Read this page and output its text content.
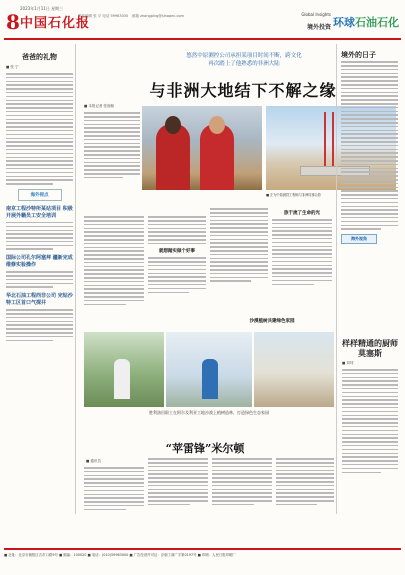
8
2023年1月11日 星期三
中国石化报
责任编辑 张 平 电话 59963030 邮箱 zhangping@sinopec.com	Global Insights
境外投资 环球石油石化
爸爸的礼物
■ 张 宁
海外视点
南京工程沙特所某站项目 积极开展外籍员工安全培训
国际公司孔尔阿塞拜 疆新完成维修实验操作
华北石油工程西非公司 完钻沙特工区首口气探井
悠然中原测控公司承担某项目时间不断，跨文化
再次踏上了他熟悉的非洲大陆
与非洲大地结下不解之缘
■ 本报记者 张庭翰
■ 左为中原测控工程师与非洲同事合影
就想踏实做个好事
旅于流了生命的光
沙漠植树共建绿色家园
胜利油田职工在阿尔及利亚工地沙漠上植树造林，打造绿色生态家园
“苹雷锋”米尔顿
■ 通讯员
境外的日子
海外视角
样样精通的厨师莫塞斯
■ 刘邦
■ 社址：北京市朝阳区吉市口路9号 ■ 邮编：100020 ■ 电话：(010)59963000 ■ 广告经营许可证：京朝工商广字第0197号 ■ 印刷：人民日报印刷厂
